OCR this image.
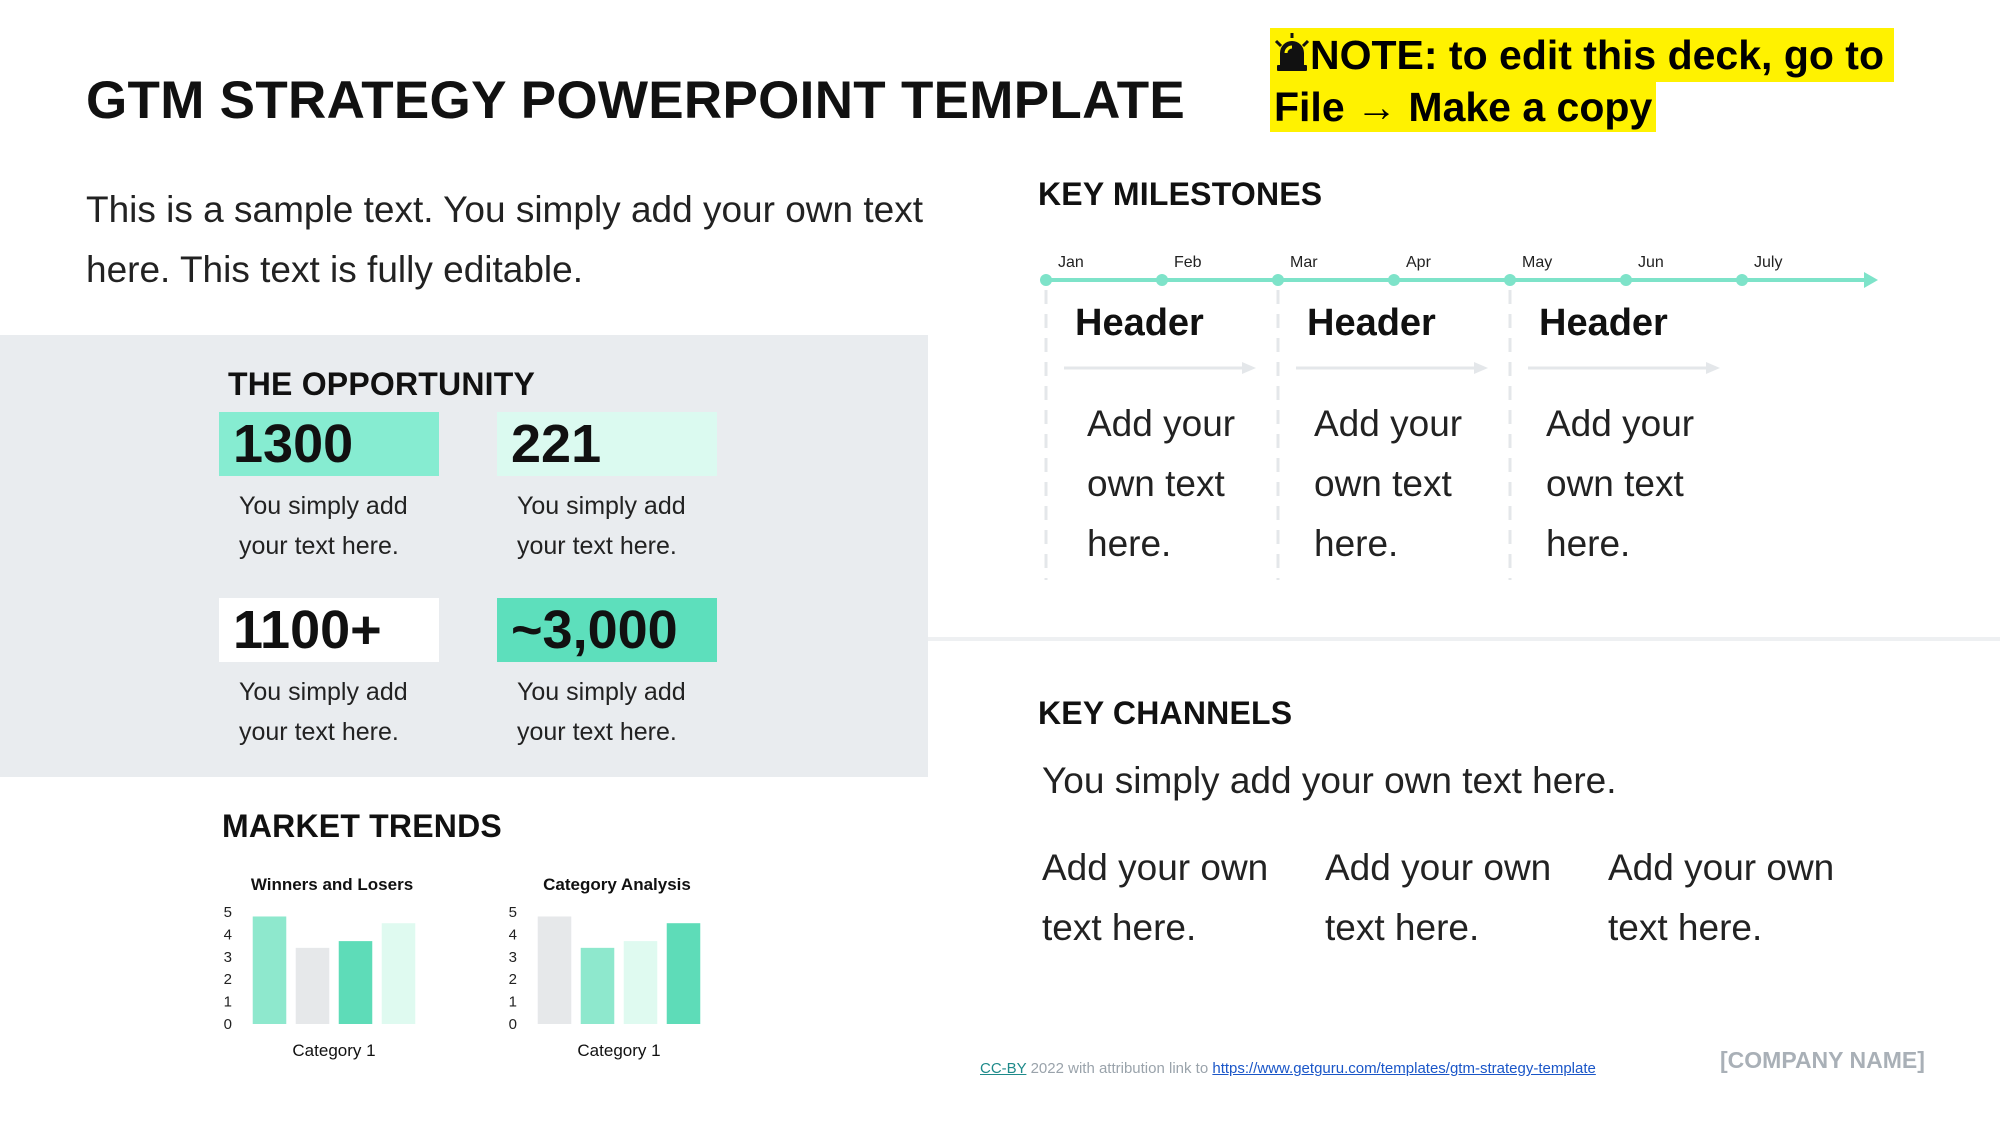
GTM STRATEGY POWERPOINT TEMPLATE
NOTE: to edit this deck, go to
File → Make a copy
This is a sample text. You simply add your own text here. This text is fully editable.
THE OPPORTUNITY
1300
You simply add your text here.
221
You simply add your text here.
1100+
You simply add your text here.
~3,000
You simply add your text here.
MARKET TRENDS
Winners and Losers
0
1
2
3
4
5
Category 1
Category Analysis
0
1
2
3
4
5
Category 1
KEY MILESTONES
Jan	Feb	Mar	Apr	May	Jun	July
Header
Add your own text here.
Header
Add your own text here.
Header
Add your own text here.
KEY CHANNELS
You simply add your own text here.
Add your own text here.
Add your own text here.
Add your own text here.
CC-BY 2022 with attribution link to https://www.getguru.com/templates/gtm-strategy-template	[COMPANY NAME]
